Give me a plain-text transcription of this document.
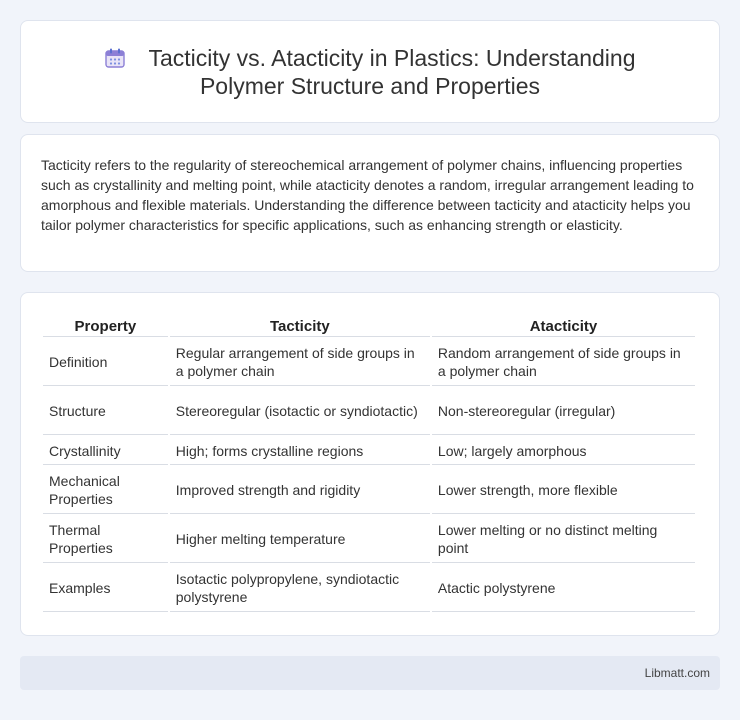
Tacticity vs. Atacticity in Plastics: Understanding
Polymer Structure and Properties

Tacticity refers to the regularity of stereochemical arrangement of polymer chains, influencing properties such as crystallinity and melting point, while atacticity denotes a random, irregular arrangement leading to amorphous and flexible materials. Understanding the difference between tacticity and atacticity helps you tailor polymer characteristics for specific applications, such as enhancing strength or elasticity.

Property	Tacticity	Atacticity
Definition	Regular arrangement of side groups in a polymer chain	Random arrangement of side groups in a polymer chain
Structure	Stereoregular (isotactic or syndiotactic)	Non-stereoregular (irregular)
Crystallinity	High; forms crystalline regions	Low; largely amorphous
Mechanical Properties	Improved strength and rigidity	Lower strength, more flexible
Thermal Properties	Higher melting temperature	Lower melting or no distinct melting point
Examples	Isotactic polypropylene, syndiotactic polystyrene	Atactic polystyrene
Libmatt.com
